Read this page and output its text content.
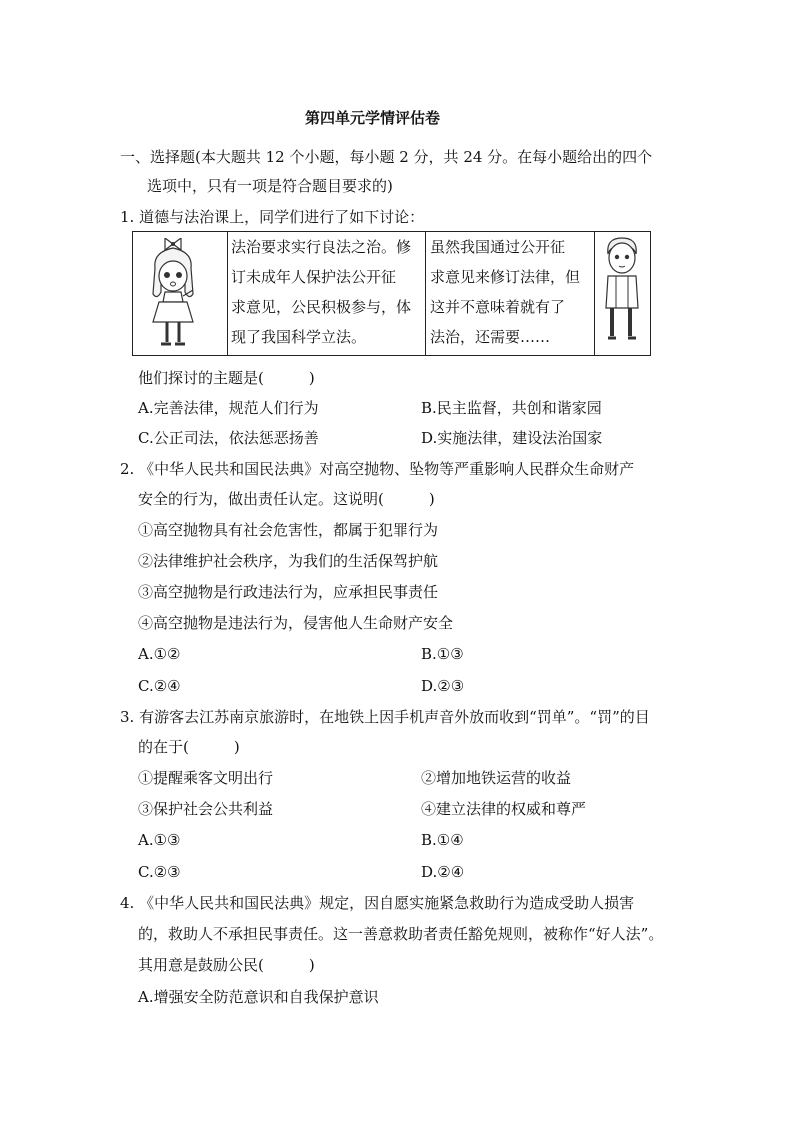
第四单元学情评估卷
一、选择题(本大题共 12 个小题，每小题 2 分，共 24 分。在每小题给出的四个
选项中，只有一项是符合题目要求的)
1. 道德与法治课上，同学们进行了如下讨论：
法治要求实行良法之治。修
订未成年人保护法公开征
求意见，公民积极参与，体
现了我国科学立法。
虽然我国通过公开征
求意见来修订法律，但
这并不意味着就有了
法治，还需要……
他们探讨的主题是(　　　)
A.完善法律，规范人们行为	B.民主监督，共创和谐家园
C.公正司法，依法惩恶扬善	D.实施法律，建设法治国家
2. 《中华人民共和国民法典》对高空抛物、坠物等严重影响人民群众生命财产
安全的行为，做出责任认定。这说明(　　　)
①高空抛物具有社会危害性，都属于犯罪行为
②法律维护社会秩序，为我们的生活保驾护航
③高空抛物是行政违法行为，应承担民事责任
④高空抛物是违法行为，侵害他人生命财产安全
A.①②	B.①③
C.②④	D.②③
3. 有游客去江苏南京旅游时，在地铁上因手机声音外放而收到“罚单”。“罚”的目
的在于(　　　)
①提醒乘客文明出行	②增加地铁运营的收益
③保护社会公共利益	④建立法律的权威和尊严
A.①③	B.①④
C.②③	D.②④
4. 《中华人民共和国民法典》规定，因自愿实施紧急救助行为造成受助人损害
的，救助人不承担民事责任。这一善意救助者责任豁免规则，被称作“好人法”。
其用意是鼓励公民(　　　)
A.增强安全防范意识和自我保护意识
